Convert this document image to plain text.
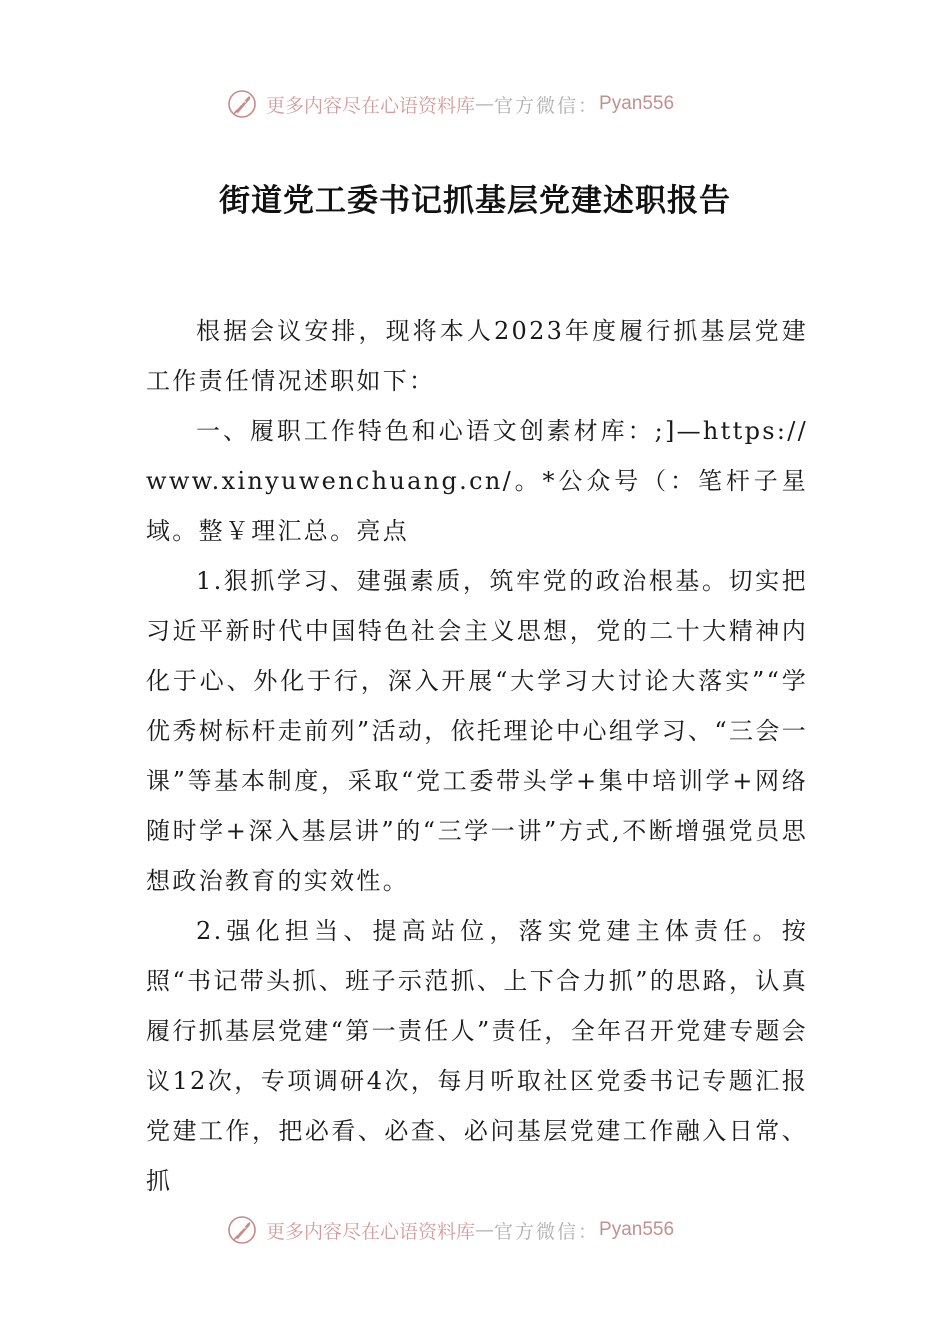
更多内容尽在心语资料库 — 官方微信： Pyan556
街道党工委书记抓基层党建述职报告

根据会议安排，现将本人2023年度履行抓基层党建工作责任情况述职如下：

一、履职工作特色和心语文创素材库：;]—https://www.xinyuwenchuang.cn/。*公众号（：笔杆子星域。整￥理汇总。亮点

1.狠抓学习、建强素质，筑牢党的政治根基。切实把习近平新时代中国特色社会主义思想，党的二十大精神内化于心、外化于行，深入开展“大学习大讨论大落实”“学优秀树标杆走前列”活动，依托理论中心组学习、“三会一课”等基本制度，采取“党工委带头学+集中培训学+网络随时学+深入基层讲”的“三学一讲”方式,不断增强党员思想政治教育的实效性。

2.强化担当、提高站位，落实党建主体责任。按照“书记带头抓、班子示范抓、上下合力抓”的思路，认真履行抓基层党建“第一责任人”责任，全年召开党建专题会议12次，专项调研4次，每月听取社区党委书记专题汇报党建工作，把必看、必查、必问基层党建工作融入日常、抓

更多内容尽在心语资料库 — 官方微信： Pyan556
